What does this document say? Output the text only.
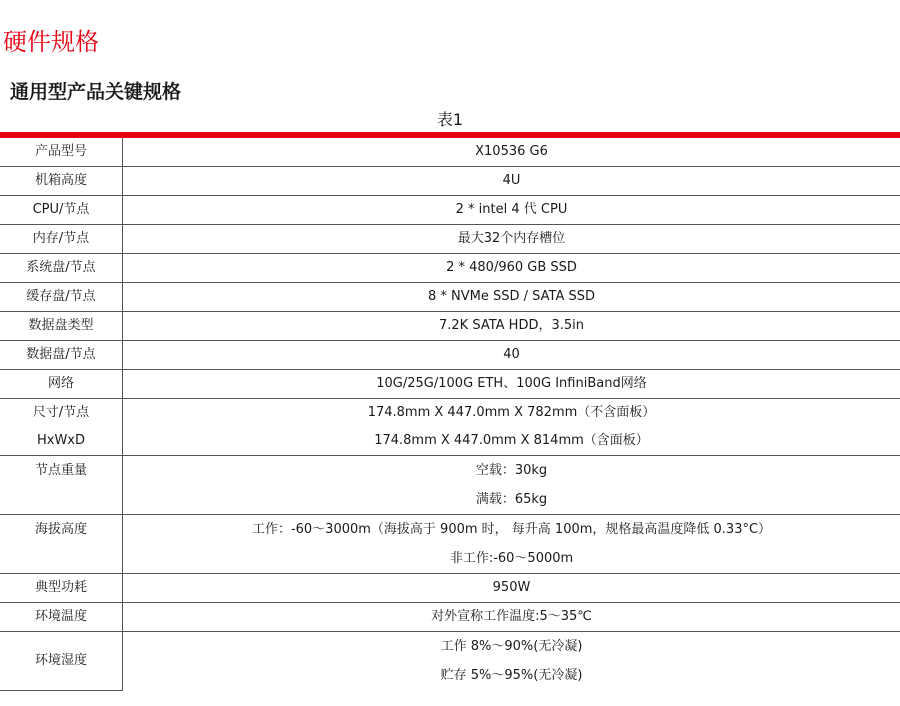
硬件规格
通用型产品关键规格
表1
产品型号	X10536 G6
机箱高度	4U
CPU/节点	2 * intel 4 代 CPU
内存/节点	最大32个内存槽位
系统盘/节点	2 * 480/960 GB SSD
缓存盘/节点	8 * NVMe SSD / SATA SSD
数据盘类型	7.2K SATA HDD，3.5in
数据盘/节点	40
网络	10G/25G/100G ETH、100G InfiniBand网络
尺寸/节点	174.8mm X 447.0mm X 782mm（不含面板）
HxWxD	174.8mm X 447.0mm X 814mm（含面板）

节点重量	空载：30kg
满载：65kg

海拔高度	工作：-60～3000m（海拔高于 900m 时， 每升高 100m，规格最高温度降低 0.33°C）
非工作:-60～5000m

典型功耗	950W
环境温度	对外宣称工作温度:5～35℃
环境湿度	工作 8%～90%(无冷凝)
贮存 5%～95%(无冷凝)
